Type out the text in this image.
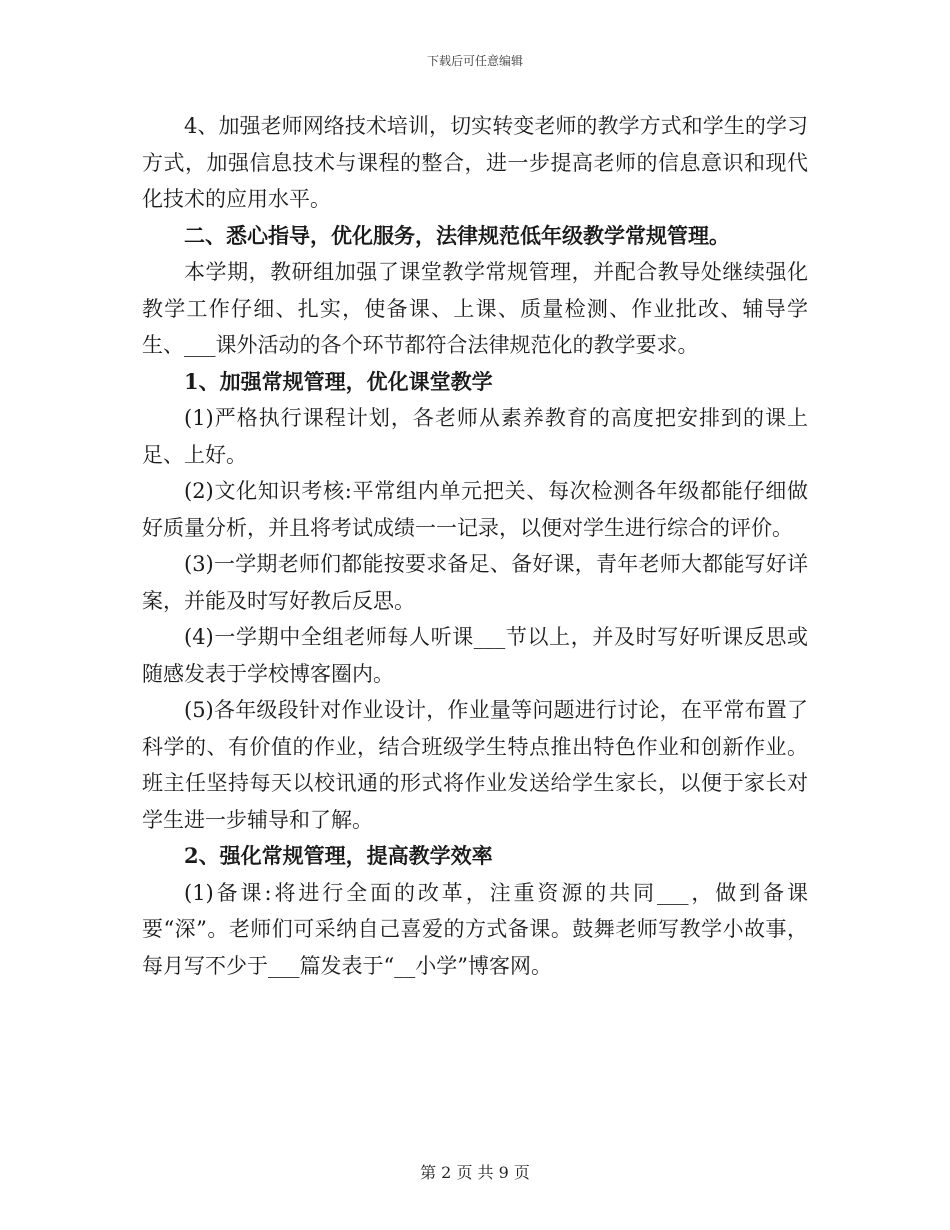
下载后可任意编辑

4、加强老师网络技术培训，切实转变老师的教学方式和学生的学习方式，加强信息技术与课程的整合，进一步提高老师的信息意识和现代化技术的应用水平。

二、悉心指导，优化服务，法律规范低年级教学常规管理。

本学期，教研组加强了课堂教学常规管理，并配合教导处继续强化教学工作仔细、扎实，使备课、上课、质量检测、作业批改、辅导学生、___课外活动的各个环节都符合法律规范化的教学要求。

1、加强常规管理，优化课堂教学

(1)严格执行课程计划，各老师从素养教育的高度把安排到的课上足、上好。

(2)文化知识考核:平常组内单元把关、每次检测各年级都能仔细做好质量分析，并且将考试成绩一一记录，以便对学生进行综合的评价。

(3)一学期老师们都能按要求备足、备好课，青年老师大都能写好详案，并能及时写好教后反思。

(4)一学期中全组老师每人听课___节以上，并及时写好听课反思或随感发表于学校博客圈内。

(5)各年级段针对作业设计，作业量等问题进行讨论，在平常布置了科学的、有价值的作业，结合班级学生特点推出特色作业和创新作业。班主任坚持每天以校讯通的形式将作业发送给学生家长，以便于家长对学生进一步辅导和了解。

2、强化常规管理，提高教学效率

(1)备课:将进行全面的改革，注重资源的共同___，做到备课要“深”。老师们可采纳自己喜爱的方式备课。鼓舞老师写教学小故事，每月写不少于___篇发表于“__小学”博客网。

第 2 页 共 9 页
